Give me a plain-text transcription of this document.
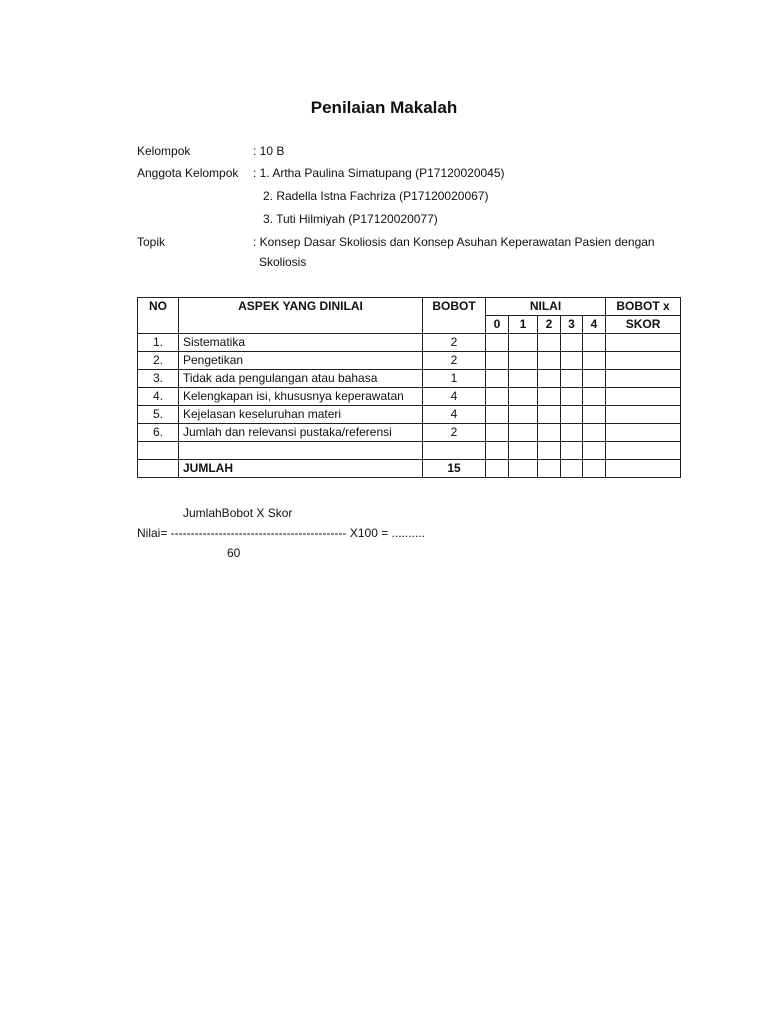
Penilaian Makalah
Kelompok	: 10 B
Anggota Kelompok : 1. Artha Paulina Simatupang (P17120020045)
2. Radella Istna Fachriza (P17120020067)
3. Tuti Hilmiyah (P17120020077)
Topik	: Konsep Dasar Skoliosis dan Konsep Asuhan Keperawatan Pasien dengan
Skoliosis
NO	ASPEK YANG DINILAI	BOBOT	NILAI					BOBOT x
			0	1	2	3	4	SKOR
1.	Sistematika	2						
2.	Pengetikan	2						
3.	Tidak ada pengulangan atau bahasa	1						
4.	Kelengkapan isi, khususnya keperawatan	4						
5.	Kejelasan keseluruhan materi	4						
6.	Jumlah dan relevansi pustaka/referensi	2						

	JUMLAH	15						
JumlahBobot X Skor
Nilai= -------------------------------------------- X100 = ..........
60
